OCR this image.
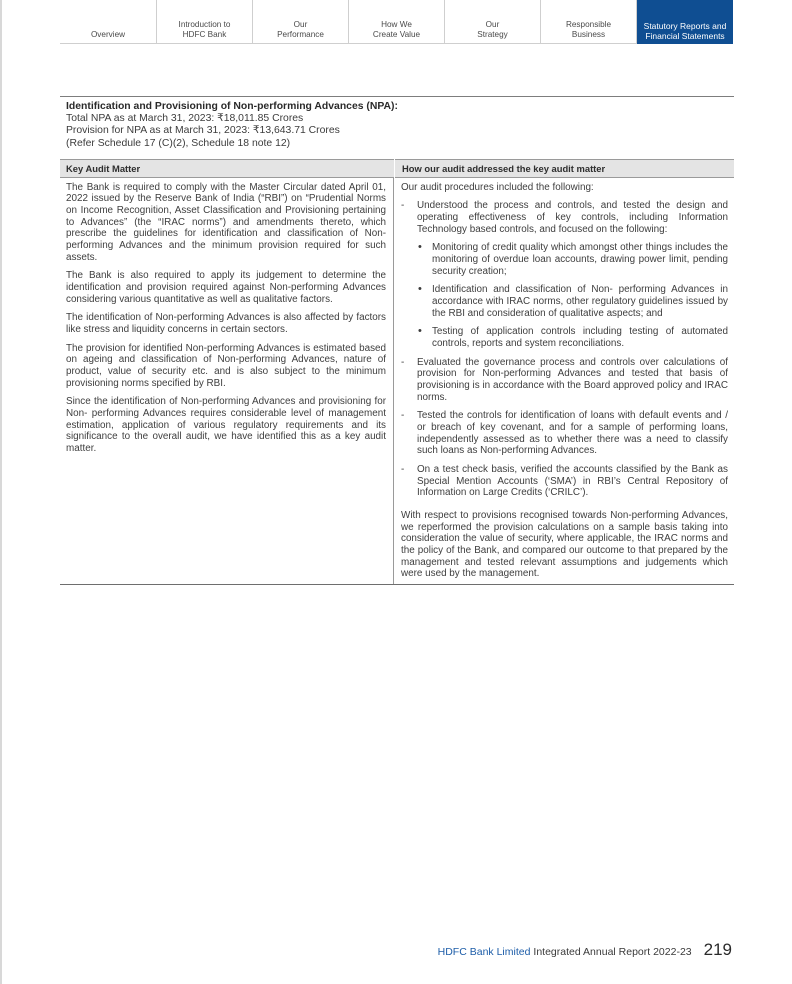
Overview
Introduction to
HDFC Bank
Our
Performance
How We
Create Value
Our
Strategy
Responsible
Business
Statutory Reports and
Financial Statements
Identification and Provisioning of Non-performing Advances (NPA):
Total NPA as at March 31, 2023: ₹18,011.85 Crores
Provision for NPA as at March 31, 2023: ₹13,643.71 Crores
(Refer Schedule 17 (C)(2), Schedule 18 note 12)
Key Audit Matter	How our audit addressed the key audit matter

The Bank is required to comply with the Master Circular dated April 01, 2022 issued by the Reserve Bank of India (“RBI”) on “Prudential Norms on Income Recognition, Asset Classification and Provisioning pertaining to Advances” (the “IRAC norms”) and amendments thereto, which prescribe the guidelines for identification and classification of Non-performing Advances and the minimum provision required for such assets.

The Bank is also required to apply its judgement to determine the identification and provision required against Non-performing Advances considering various quantitative as well as qualitative factors.

The identification of Non-performing Advances is also affected by factors like stress and liquidity concerns in certain sectors.

The provision for identified Non-performing Advances is estimated based on ageing and classification of Non-performing Advances, nature of product, value of security etc. and is also subject to the minimum provisioning norms specified by RBI.

Since the identification of Non-performing Advances and provisioning for Non- performing Advances requires considerable level of management estimation, application of various regulatory requirements and its significance to the overall audit, we have identified this as a key audit matter.

Our audit procedures included the following:

- Understood the process and controls, and tested the design and operating effectiveness of key controls, including Information Technology based controls, and focused on the following:

• Monitoring of credit quality which amongst other things includes the monitoring of overdue loan accounts, drawing power limit, pending security creation;

• Identification and classification of Non- performing Advances in accordance with IRAC norms, other regulatory guidelines issued by the RBI and consideration of qualitative aspects; and

• Testing of application controls including testing of automated controls, reports and system reconciliations.

- Evaluated the governance process and controls over calculations of provision for Non-performing Advances and tested that basis of provisioning is in accordance with the Board approved policy and IRAC norms.

- Tested the controls for identification of loans with default events and / or breach of key covenant, and for a sample of performing loans, independently assessed as to whether there was a need to classify such loans as Non-performing Advances.

- On a test check basis, verified the accounts classified by the Bank as Special Mention Accounts (‘SMA’) in RBI’s Central Repository of Information on Large Credits (‘CRILC’).

With respect to provisions recognised towards Non-performing Advances, we reperformed the provision calculations on a sample basis taking into consideration the value of security, where applicable, the IRAC norms and the policy of the Bank, and compared our outcome to that prepared by the management and tested relevant assumptions and judgements which were used by the management.

HDFC Bank Limited Integrated Annual Report 2022-23 219
